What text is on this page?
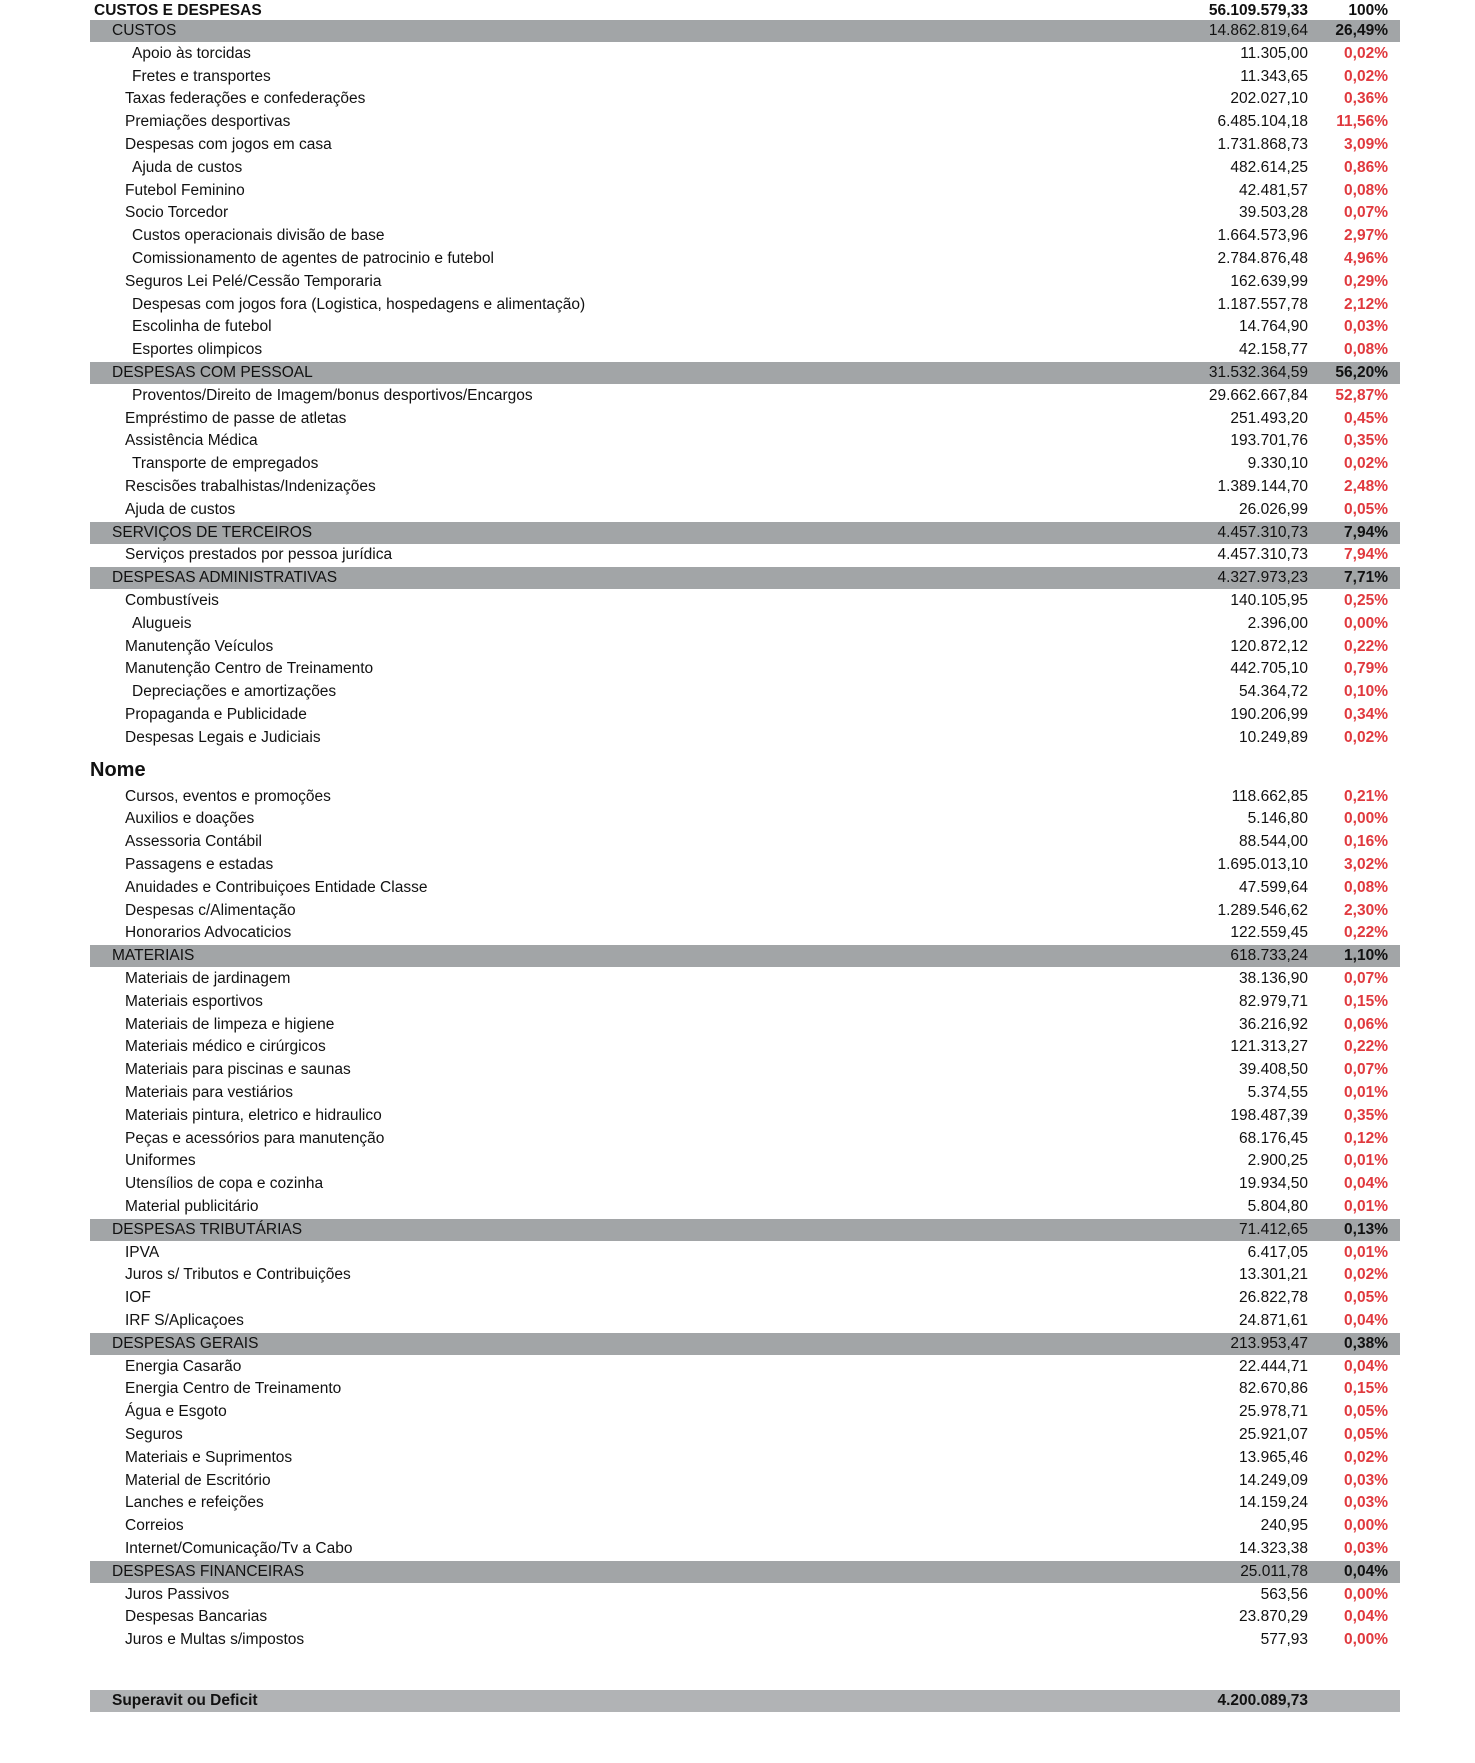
CUSTOS E DESPESAS	56.109.579,33	100%
CUSTOS	14.862.819,64 26,49%
Apoio às torcidas	11.305,00 0,02%
Fretes e transportes	11.343,65 0,02%
Taxas federações e confederações	202.027,10 0,36%
Premiações desportivas	6.485.104,18 11,56%
Despesas com jogos em casa	1.731.868,73 3,09%
Ajuda de custos	482.614,25 0,86%
Futebol Feminino	42.481,57 0,08%
Socio Torcedor	39.503,28 0,07%
Custos operacionais divisão de base	1.664.573,96 2,97%
Comissionamento de agentes de patrocinio e futebol	2.784.876,48 4,96%
Seguros Lei Pelé/Cessão Temporaria	162.639,99 0,29%
Despesas com jogos fora (Logistica, hospedagens e alimentação)	1.187.557,78 2,12%
Escolinha de futebol	14.764,90 0,03%
Esportes olimpicos	42.158,77 0,08%
DESPESAS COM PESSOAL	31.532.364,59 56,20%
Proventos/Direito de Imagem/bonus desportivos/Encargos	29.662.667,84 52,87%
Empréstimo de passe de atletas	251.493,20 0,45%
Assistência Médica	193.701,76 0,35%
Transporte de empregados	9.330,10 0,02%
Rescisões trabalhistas/Indenizações	1.389.144,70 2,48%
Ajuda de custos	26.026,99 0,05%
SERVIÇOS DE TERCEIROS	4.457.310,73 7,94%
Serviços prestados por pessoa jurídica	4.457.310,73 7,94%
DESPESAS ADMINISTRATIVAS	4.327.973,23 7,71%
Combustíveis	140.105,95 0,25%
Alugueis	2.396,00 0,00%
Manutenção Veículos	120.872,12 0,22%
Manutenção Centro de Treinamento	442.705,10 0,79%
Depreciações e amortizações	54.364,72 0,10%
Propaganda e Publicidade	190.206,99 0,34%
Despesas Legais e Judiciais	10.249,89 0,02%
Nome
Cursos, eventos e promoções	118.662,85 0,21%
Auxilios e doações	5.146,80 0,00%
Assessoria Contábil	88.544,00 0,16%
Passagens e estadas	1.695.013,10 3,02%
Anuidades e Contribuiçoes Entidade Classe	47.599,64 0,08%
Despesas c/Alimentação	1.289.546,62 2,30%
Honorarios Advocaticios	122.559,45 0,22%
MATERIAIS	618.733,24 1,10%
Materiais de jardinagem	38.136,90 0,07%
Materiais esportivos	82.979,71 0,15%
Materiais de limpeza e higiene	36.216,92 0,06%
Materiais médico e cirúrgicos	121.313,27 0,22%
Materiais para piscinas e saunas	39.408,50 0,07%
Materiais para vestiários	5.374,55 0,01%
Materiais pintura, eletrico e hidraulico	198.487,39 0,35%
Peças e acessórios para manutenção	68.176,45 0,12%
Uniformes	2.900,25 0,01%
Utensílios de copa e cozinha	19.934,50 0,04%
Material publicitário	5.804,80 0,01%
DESPESAS TRIBUTÁRIAS	71.412,65 0,13%
IPVA	6.417,05 0,01%
Juros s/ Tributos e Contribuições	13.301,21 0,02%
IOF	26.822,78 0,05%
IRF S/Aplicaçoes	24.871,61 0,04%
DESPESAS GERAIS	213.953,47 0,38%
Energia Casarão	22.444,71 0,04%
Energia Centro de Treinamento	82.670,86 0,15%
Água e Esgoto	25.978,71 0,05%
Seguros	25.921,07 0,05%
Materiais e Suprimentos	13.965,46 0,02%
Material de Escritório	14.249,09 0,03%
Lanches e refeições	14.159,24 0,03%
Correios	240,95 0,00%
Internet/Comunicação/Tv a Cabo	14.323,38 0,03%
DESPESAS FINANCEIRAS	25.011,78 0,04%
Juros Passivos	563,56 0,00%
Despesas Bancarias	23.870,29 0,04%
Juros e Multas s/impostos	577,93 0,00%
Superavit ou Deficit	4.200.089,73
